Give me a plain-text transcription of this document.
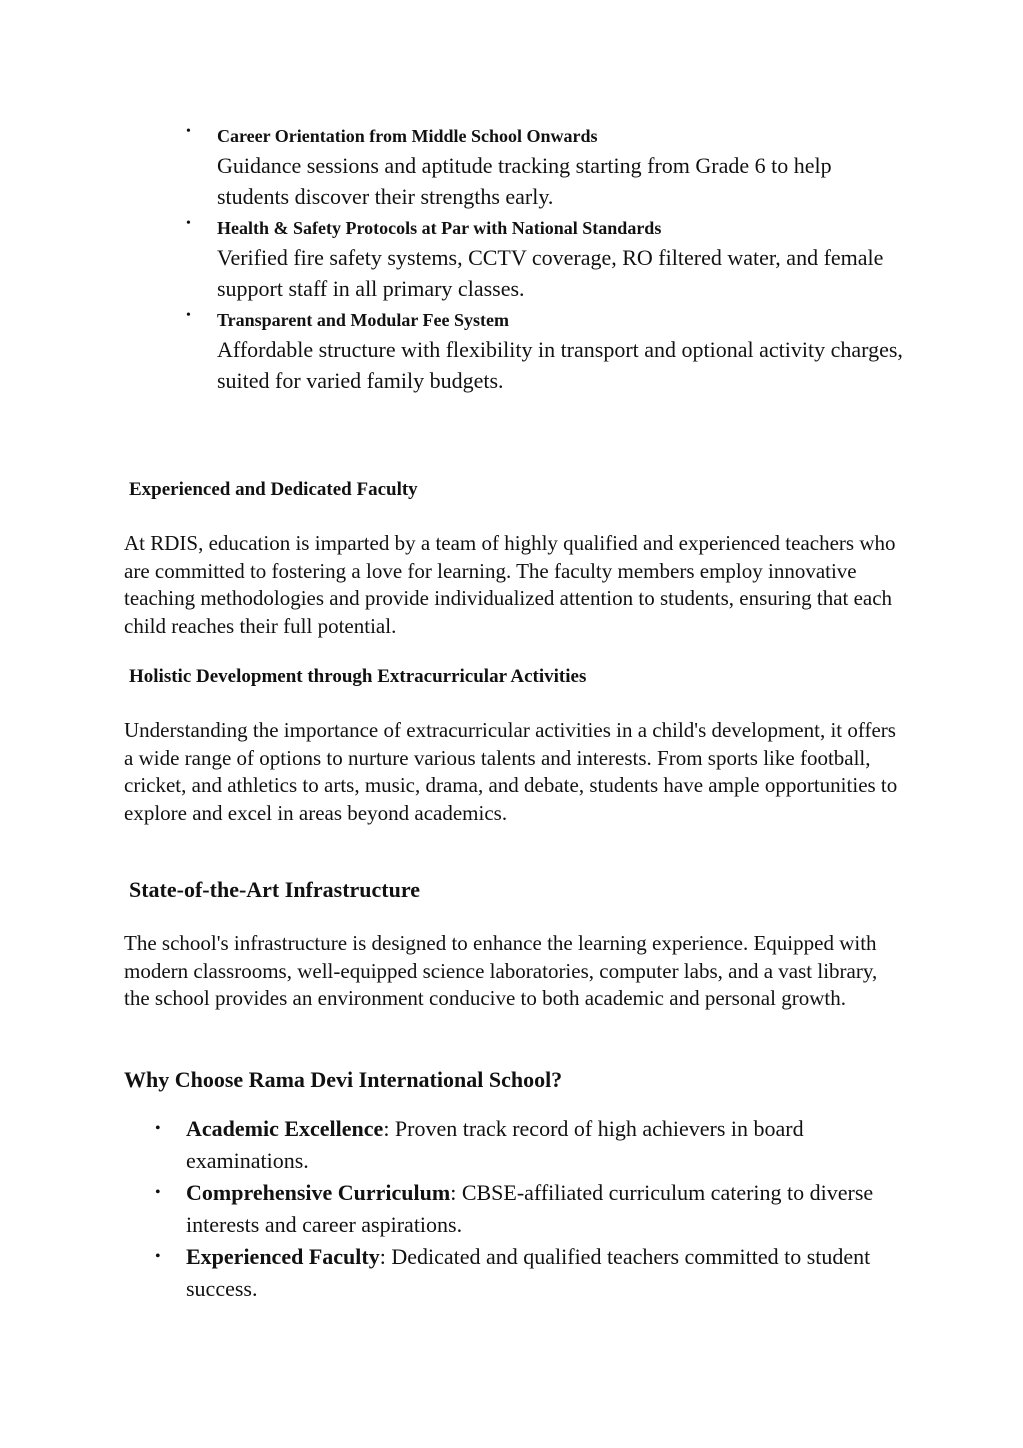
• Career Orientation from Middle School Onwards
Guidance sessions and aptitude tracking starting from Grade 6 to help students discover their strengths early.
• Health & Safety Protocols at Par with National Standards
Verified fire safety systems, CCTV coverage, RO filtered water, and female support staff in all primary classes.
• Transparent and Modular Fee System
Affordable structure with flexibility in transport and optional activity charges, suited for varied family budgets.
Experienced and Dedicated Faculty

At RDIS, education is imparted by a team of highly qualified and experienced teachers who are committed to fostering a love for learning. The faculty members employ innovative teaching methodologies and provide individualized attention to students, ensuring that each child reaches their full potential.

Holistic Development through Extracurricular Activities

Understanding the importance of extracurricular activities in a child's development, it offers a wide range of options to nurture various talents and interests. From sports like football, cricket, and athletics to arts, music, drama, and debate, students have ample opportunities to explore and excel in areas beyond academics.

State-of-the-Art Infrastructure

The school's infrastructure is designed to enhance the learning experience. Equipped with modern classrooms, well-equipped science laboratories, computer labs, and a vast library, the school provides an environment conducive to both academic and personal growth.

Why Choose Rama Devi International School?
• Academic Excellence: Proven track record of high achievers in board examinations.
• Comprehensive Curriculum: CBSE-affiliated curriculum catering to diverse interests and career aspirations.
• Experienced Faculty: Dedicated and qualified teachers committed to student success.
